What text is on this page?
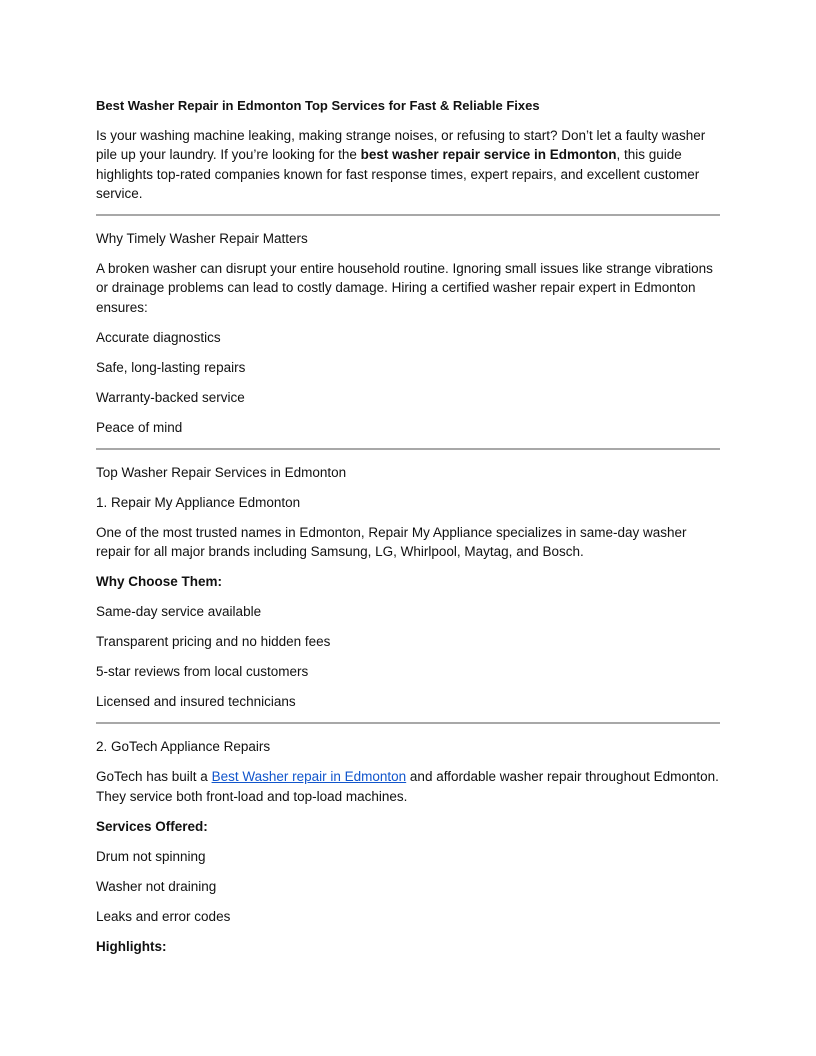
Best Washer Repair in Edmonton Top Services for Fast & Reliable Fixes

Is your washing machine leaking, making strange noises, or refusing to start? Don’t let a faulty washer pile up your laundry. If you’re looking for the best washer repair service in Edmonton, this guide highlights top-rated companies known for fast response times, expert repairs, and excellent customer service.

Why Timely Washer Repair Matters

A broken washer can disrupt your entire household routine. Ignoring small issues like strange vibrations or drainage problems can lead to costly damage. Hiring a certified washer repair expert in Edmonton ensures:

Accurate diagnostics

Safe, long-lasting repairs

Warranty-backed service

Peace of mind

Top Washer Repair Services in Edmonton

1. Repair My Appliance Edmonton

One of the most trusted names in Edmonton, Repair My Appliance specializes in same-day washer repair for all major brands including Samsung, LG, Whirlpool, Maytag, and Bosch.

Why Choose Them:

Same-day service available

Transparent pricing and no hidden fees

5-star reviews from local customers

Licensed and insured technicians

2. GoTech Appliance Repairs

GoTech has built a Best Washer repair in Edmonton and affordable washer repair throughout Edmonton. They service both front-load and top-load machines.

Services Offered:

Drum not spinning

Washer not draining

Leaks and error codes

Highlights:
